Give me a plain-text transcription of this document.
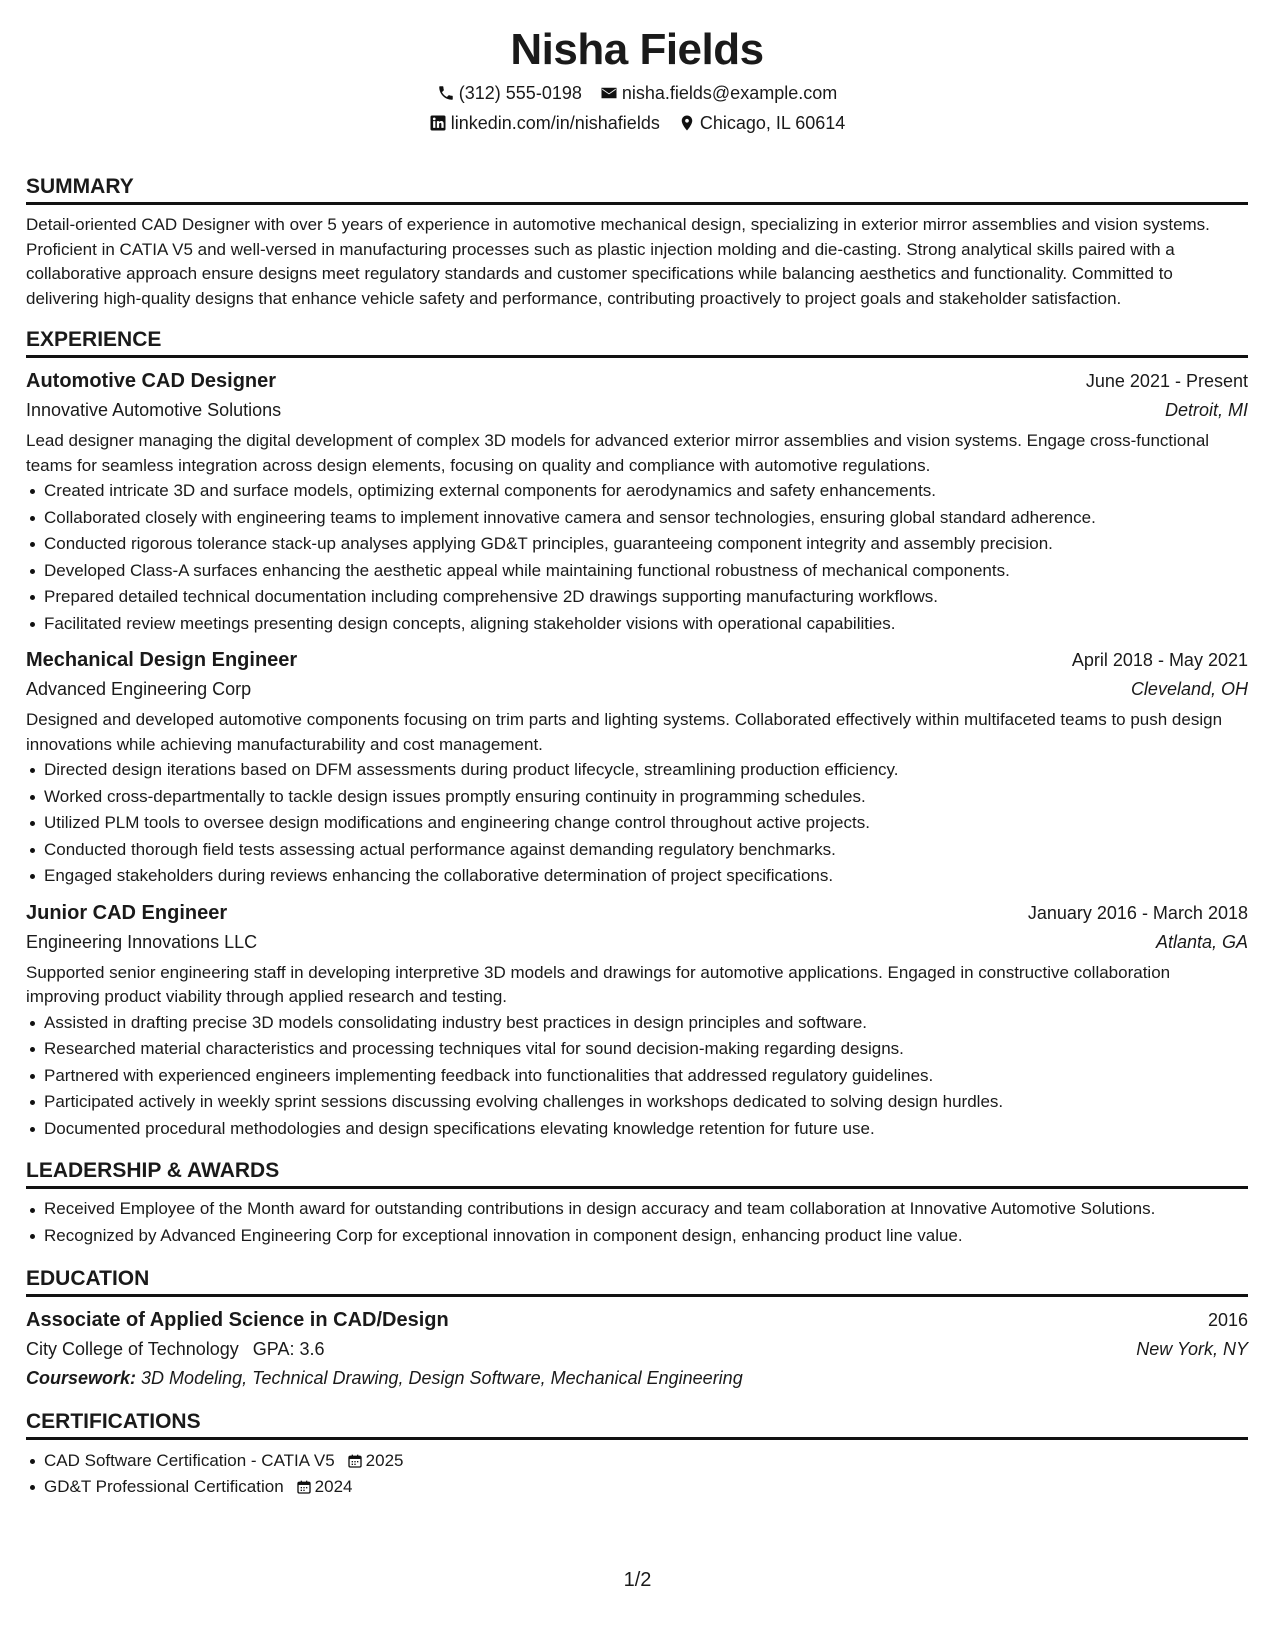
Nisha Fields
(312) 555-0198 nisha.fields@example.com
linkedin.com/in/nishafields Chicago, IL 60614
SUMMARY

Detail-oriented CAD Designer with over 5 years of experience in automotive mechanical design, specializing in exterior mirror assemblies and vision systems. Proficient in CATIA V5 and well-versed in manufacturing processes such as plastic injection molding and die-casting. Strong analytical skills paired with a collaborative approach ensure designs meet regulatory standards and customer specifications while balancing aesthetics and functionality. Committed to delivering high-quality designs that enhance vehicle safety and performance, contributing proactively to project goals and stakeholder satisfaction.

EXPERIENCE
Automotive CAD Designer	June 2021 - Present
Innovative Automotive Solutions	Detroit, MI

Lead designer managing the digital development of complex 3D models for advanced exterior mirror assemblies and vision systems. Engage cross-functional teams for seamless integration across design elements, focusing on quality and compliance with automotive regulations.

Created intricate 3D and surface models, optimizing external components for aerodynamics and safety enhancements.
Collaborated closely with engineering teams to implement innovative camera and sensor technologies, ensuring global standard adherence.
Conducted rigorous tolerance stack-up analyses applying GD&T principles, guaranteeing component integrity and assembly precision.
Developed Class-A surfaces enhancing the aesthetic appeal while maintaining functional robustness of mechanical components.
Prepared detailed technical documentation including comprehensive 2D drawings supporting manufacturing workflows.
Facilitated review meetings presenting design concepts, aligning stakeholder visions with operational capabilities.
Mechanical Design Engineer	April 2018 - May 2021
Advanced Engineering Corp	Cleveland, OH

Designed and developed automotive components focusing on trim parts and lighting systems. Collaborated effectively within multifaceted teams to push design innovations while achieving manufacturability and cost management.

Directed design iterations based on DFM assessments during product lifecycle, streamlining production efficiency.
Worked cross-departmentally to tackle design issues promptly ensuring continuity in programming schedules.
Utilized PLM tools to oversee design modifications and engineering change control throughout active projects.
Conducted thorough field tests assessing actual performance against demanding regulatory benchmarks.
Engaged stakeholders during reviews enhancing the collaborative determination of project specifications.
Junior CAD Engineer	January 2016 - March 2018
Engineering Innovations LLC	Atlanta, GA

Supported senior engineering staff in developing interpretive 3D models and drawings for automotive applications. Engaged in constructive collaboration improving product viability through applied research and testing.

Assisted in drafting precise 3D models consolidating industry best practices in design principles and software.
Researched material characteristics and processing techniques vital for sound decision-making regarding designs.
Partnered with experienced engineers implementing feedback into functionalities that addressed regulatory guidelines.
Participated actively in weekly sprint sessions discussing evolving challenges in workshops dedicated to solving design hurdles.
Documented procedural methodologies and design specifications elevating knowledge retention for future use.
LEADERSHIP & AWARDS
Received Employee of the Month award for outstanding contributions in design accuracy and team collaboration at Innovative Automotive Solutions.
Recognized by Advanced Engineering Corp for exceptional innovation in component design, enhancing product line value.
EDUCATION
Associate of Applied Science in CAD/Design	2016
City College of Technology GPA: 3.6	New York, NY
Coursework: 3D Modeling, Technical Drawing, Design Software, Mechanical Engineering
CERTIFICATIONS
CAD Software Certification - CATIA V5 2025
GD&T Professional Certification 2024
1/2
